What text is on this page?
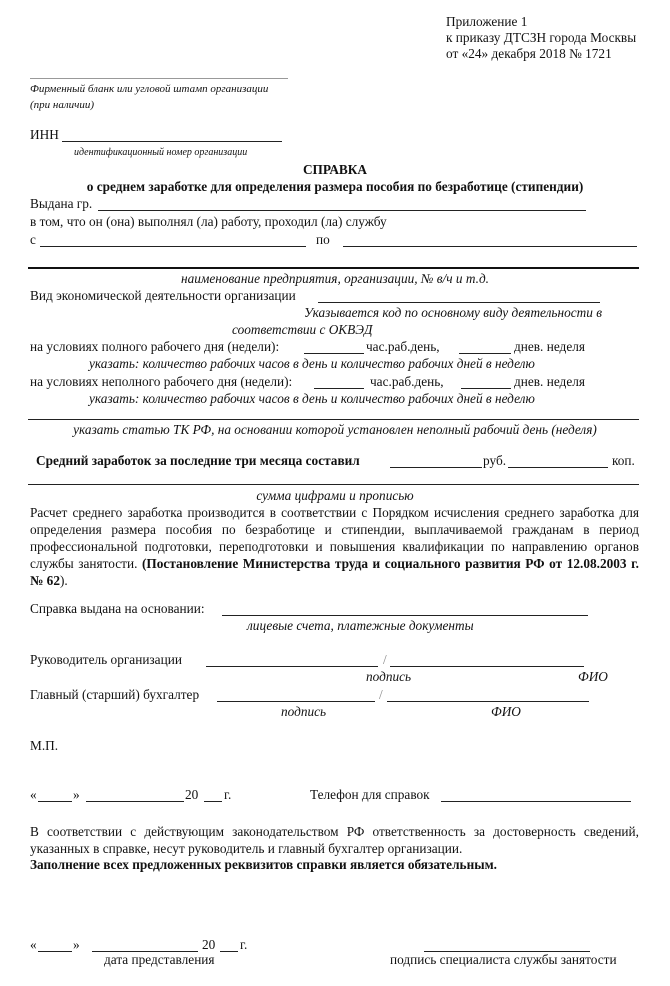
Приложение 1
к приказу ДТСЗН города Москвы
от «24» декабря 2018 № 1721
Фирменный бланк или угловой штамп организации
(при наличии)
ИНН
идентификационный номер организации
СПРАВКА
о среднем заработке для определения размера пособия по безработице (стипендии)
Выдана гр.
в том, что он (она) выполнял (ла) работу, проходил (ла) службу
с	по
наименование предприятия, организации, № в/ч и т.д.
Вид экономической деятельности организации
Указывается код по основному виду деятельности в
соответствии с ОКВЭД
на условиях полного рабочего дня (недели):	час.раб.день,	днев. неделя
указать: количество рабочих часов в день и количество рабочих дней в неделю
на условиях неполного рабочего дня (недели):	час.раб.день,	днев. неделя
указать: количество рабочих часов в день и количество рабочих дней в неделю
указать статью ТК РФ, на основании которой установлен неполный рабочий день (неделя)
Средний заработок за последние три месяца составил	руб.	коп.
сумма цифрами и прописью
Расчет среднего заработка производится в соответствии с Порядком исчисления среднего заработка для определения размера пособия по безработице и стипендии, выплачиваемой гражданам в период профессиональной подготовки, переподготовки и повышения квалификации по направлению органов службы занятости. (Постановление Министерства труда и социального развития РФ от 12.08.2003 г. № 62).
Справка выдана на основании:
лицевые счета, платежные документы
Руководитель организации	/
подпись	ФИО
Главный (старший) бухгалтер	/
подпись	ФИО
М.П.
«	»	20 г.	Телефон для справок
В соответствии с действующим законодательством РФ ответственность за достоверность сведений, указанных в справке, несут руководитель и главный бухгалтер организации.
Заполнение всех предложенных реквизитов справки является обязательным.
«	»	20 г.
дата представления	подпись специалиста службы занятости
